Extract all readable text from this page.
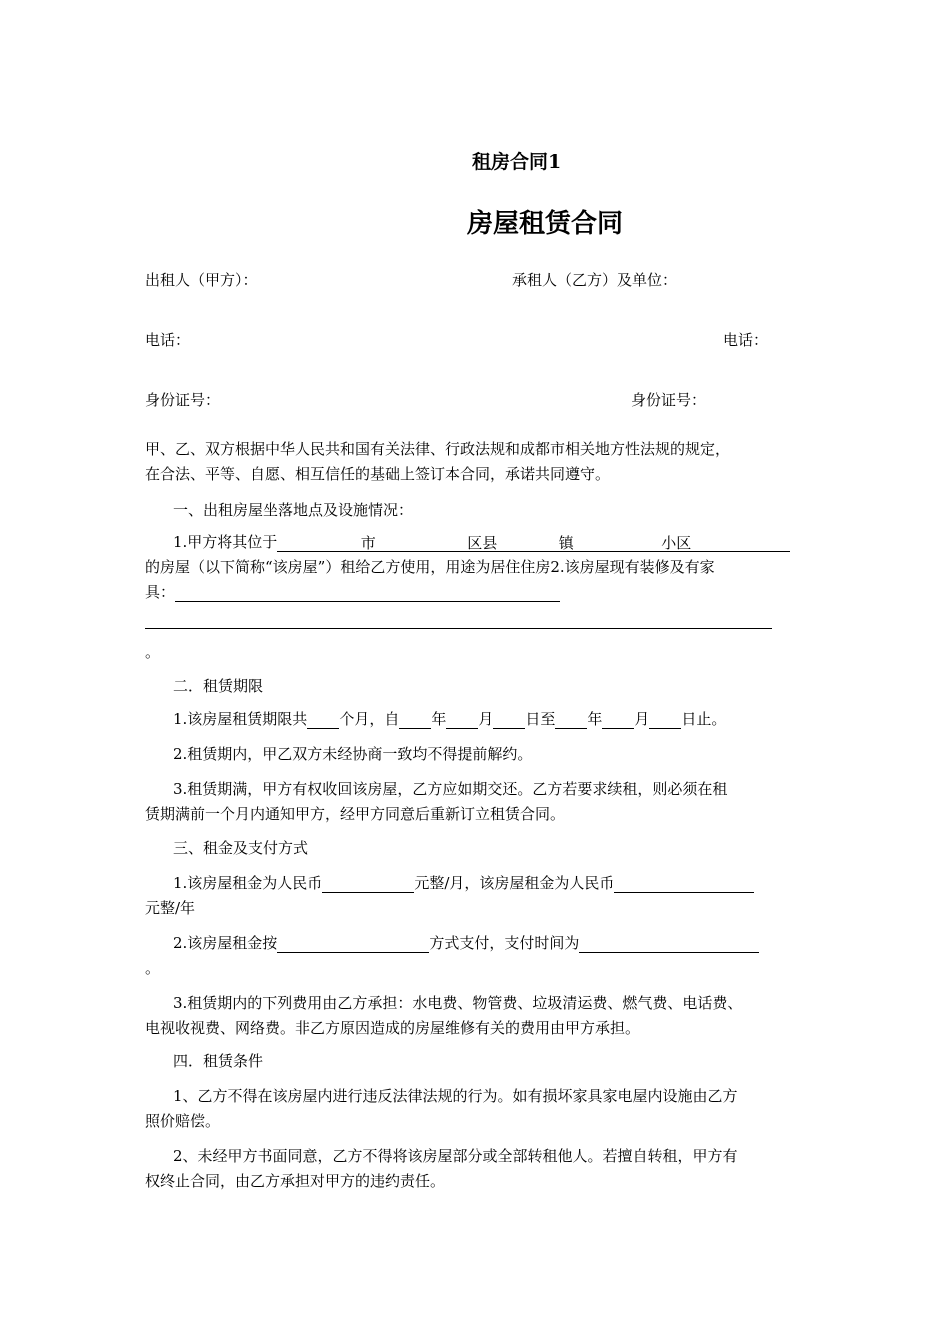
租房合同1
房屋租赁合同
出租人（甲方）：	承租人（乙方）及单位：
电话：	电话：
身份证号：	身份证号：
甲、乙、双方根据中华人民共和国有关法律、行政法规和成都市相关地方性法规的规定，
在合法、平等、自愿、相互信任的基础上签订本合同，承诺共同遵守。
一、出租房屋坐落地点及设施情况：
1.甲方将其位于	市	区县	镇	小区
的房屋（以下简称“该房屋”）租给乙方使用，用途为居住住房2.该房屋现有装修及有家
具：
。
二．租赁期限
1.该房屋租赁期限共 个月，自 年 月 日至 年 月 日止。
2.租赁期内，甲乙双方未经协商一致均不得提前解约。
3.租赁期满，甲方有权收回该房屋，乙方应如期交还。乙方若要求续租，则必须在租
赁期满前一个月内通知甲方，经甲方同意后重新订立租赁合同。
三、租金及支付方式
1.该房屋租金为人民币	元整/月，该房屋租金为人民币
元整/年
2.该房屋租金按	方式支付，支付时间为
。
3.租赁期内的下列费用由乙方承担：水电费、物管费、垃圾清运费、燃气费、电话费、
电视收视费、网络费。非乙方原因造成的房屋维修有关的费用由甲方承担。
四．租赁条件
1、乙方不得在该房屋内进行违反法律法规的行为。如有损坏家具家电屋内设施由乙方
照价赔偿。
2、未经甲方书面同意，乙方不得将该房屋部分或全部转租他人。若擅自转租，甲方有
权终止合同，由乙方承担对甲方的违约责任。
